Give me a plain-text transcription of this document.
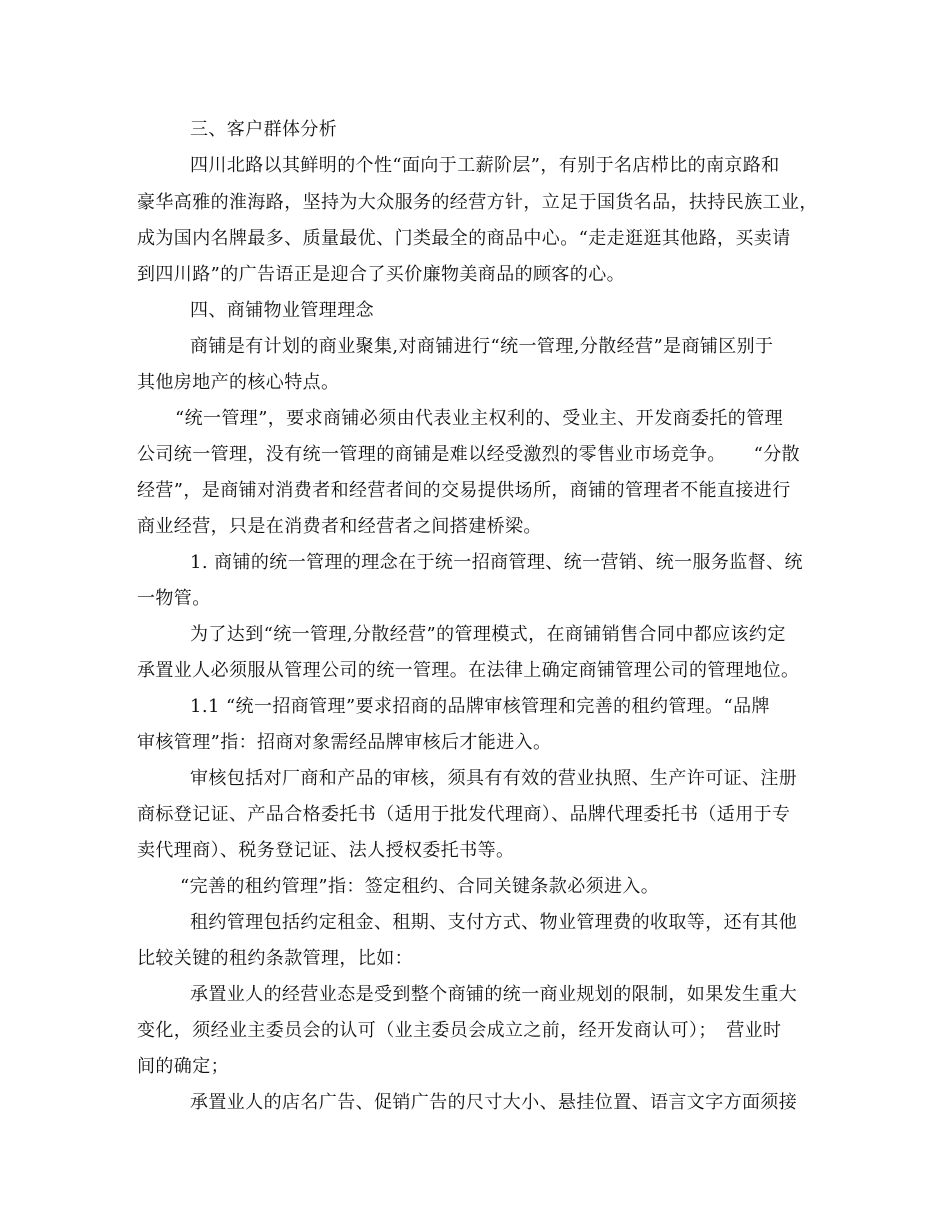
三、客户群体分析
四川北路以其鲜明的个性“面向于工薪阶层”，有别于名店栉比的南京路和
豪华高雅的淮海路，坚持为大众服务的经营方针，立足于国货名品，扶持民族工业，
成为国内名牌最多、质量最优、门类最全的商品中心。“走走逛逛其他路，买卖请
到四川路”的广告语正是迎合了买价廉物美商品的顾客的心。
四、商铺物业管理理念
商铺是有计划的商业聚集,对商铺进行“统一管理,分散经营”是商铺区别于
其他房地产的核心特点。
“统一管理”，要求商铺必须由代表业主权利的、受业主、开发商委托的管理
公司统一管理，没有统一管理的商铺是难以经受激烈的零售业市场竞争。　　“分散
经营”，是商铺对消费者和经营者间的交易提供场所，商铺的管理者不能直接进行
商业经营，只是在消费者和经营者之间搭建桥梁。
1. 商铺的统一管理的理念在于统一招商管理、统一营销、统一服务监督、统
一物管。
为了达到“统一管理,分散经营”的管理模式，在商铺销售合同中都应该约定
承置业人必须服从管理公司的统一管理。在法律上确定商铺管理公司的管理地位。
1.1 “统一招商管理”要求招商的品牌审核管理和完善的租约管理。“品牌
审核管理”指：招商对象需经品牌审核后才能进入。
审核包括对厂商和产品的审核，须具有有效的营业执照、生产许可证、注册
商标登记证、产品合格委托书（适用于批发代理商）、品牌代理委托书（适用于专
卖代理商）、税务登记证、法人授权委托书等。
“完善的租约管理”指：签定租约、合同关键条款必须进入。
租约管理包括约定租金、租期、支付方式、物业管理费的收取等，还有其他
比较关键的租约条款管理，比如：
承置业人的经营业态是受到整个商铺的统一商业规划的限制，如果发生重大
变化，须经业主委员会的认可（业主委员会成立之前，经开发商认可）；　营业时
间的确定；
承置业人的店名广告、促销广告的尺寸大小、悬挂位置、语言文字方面须接
